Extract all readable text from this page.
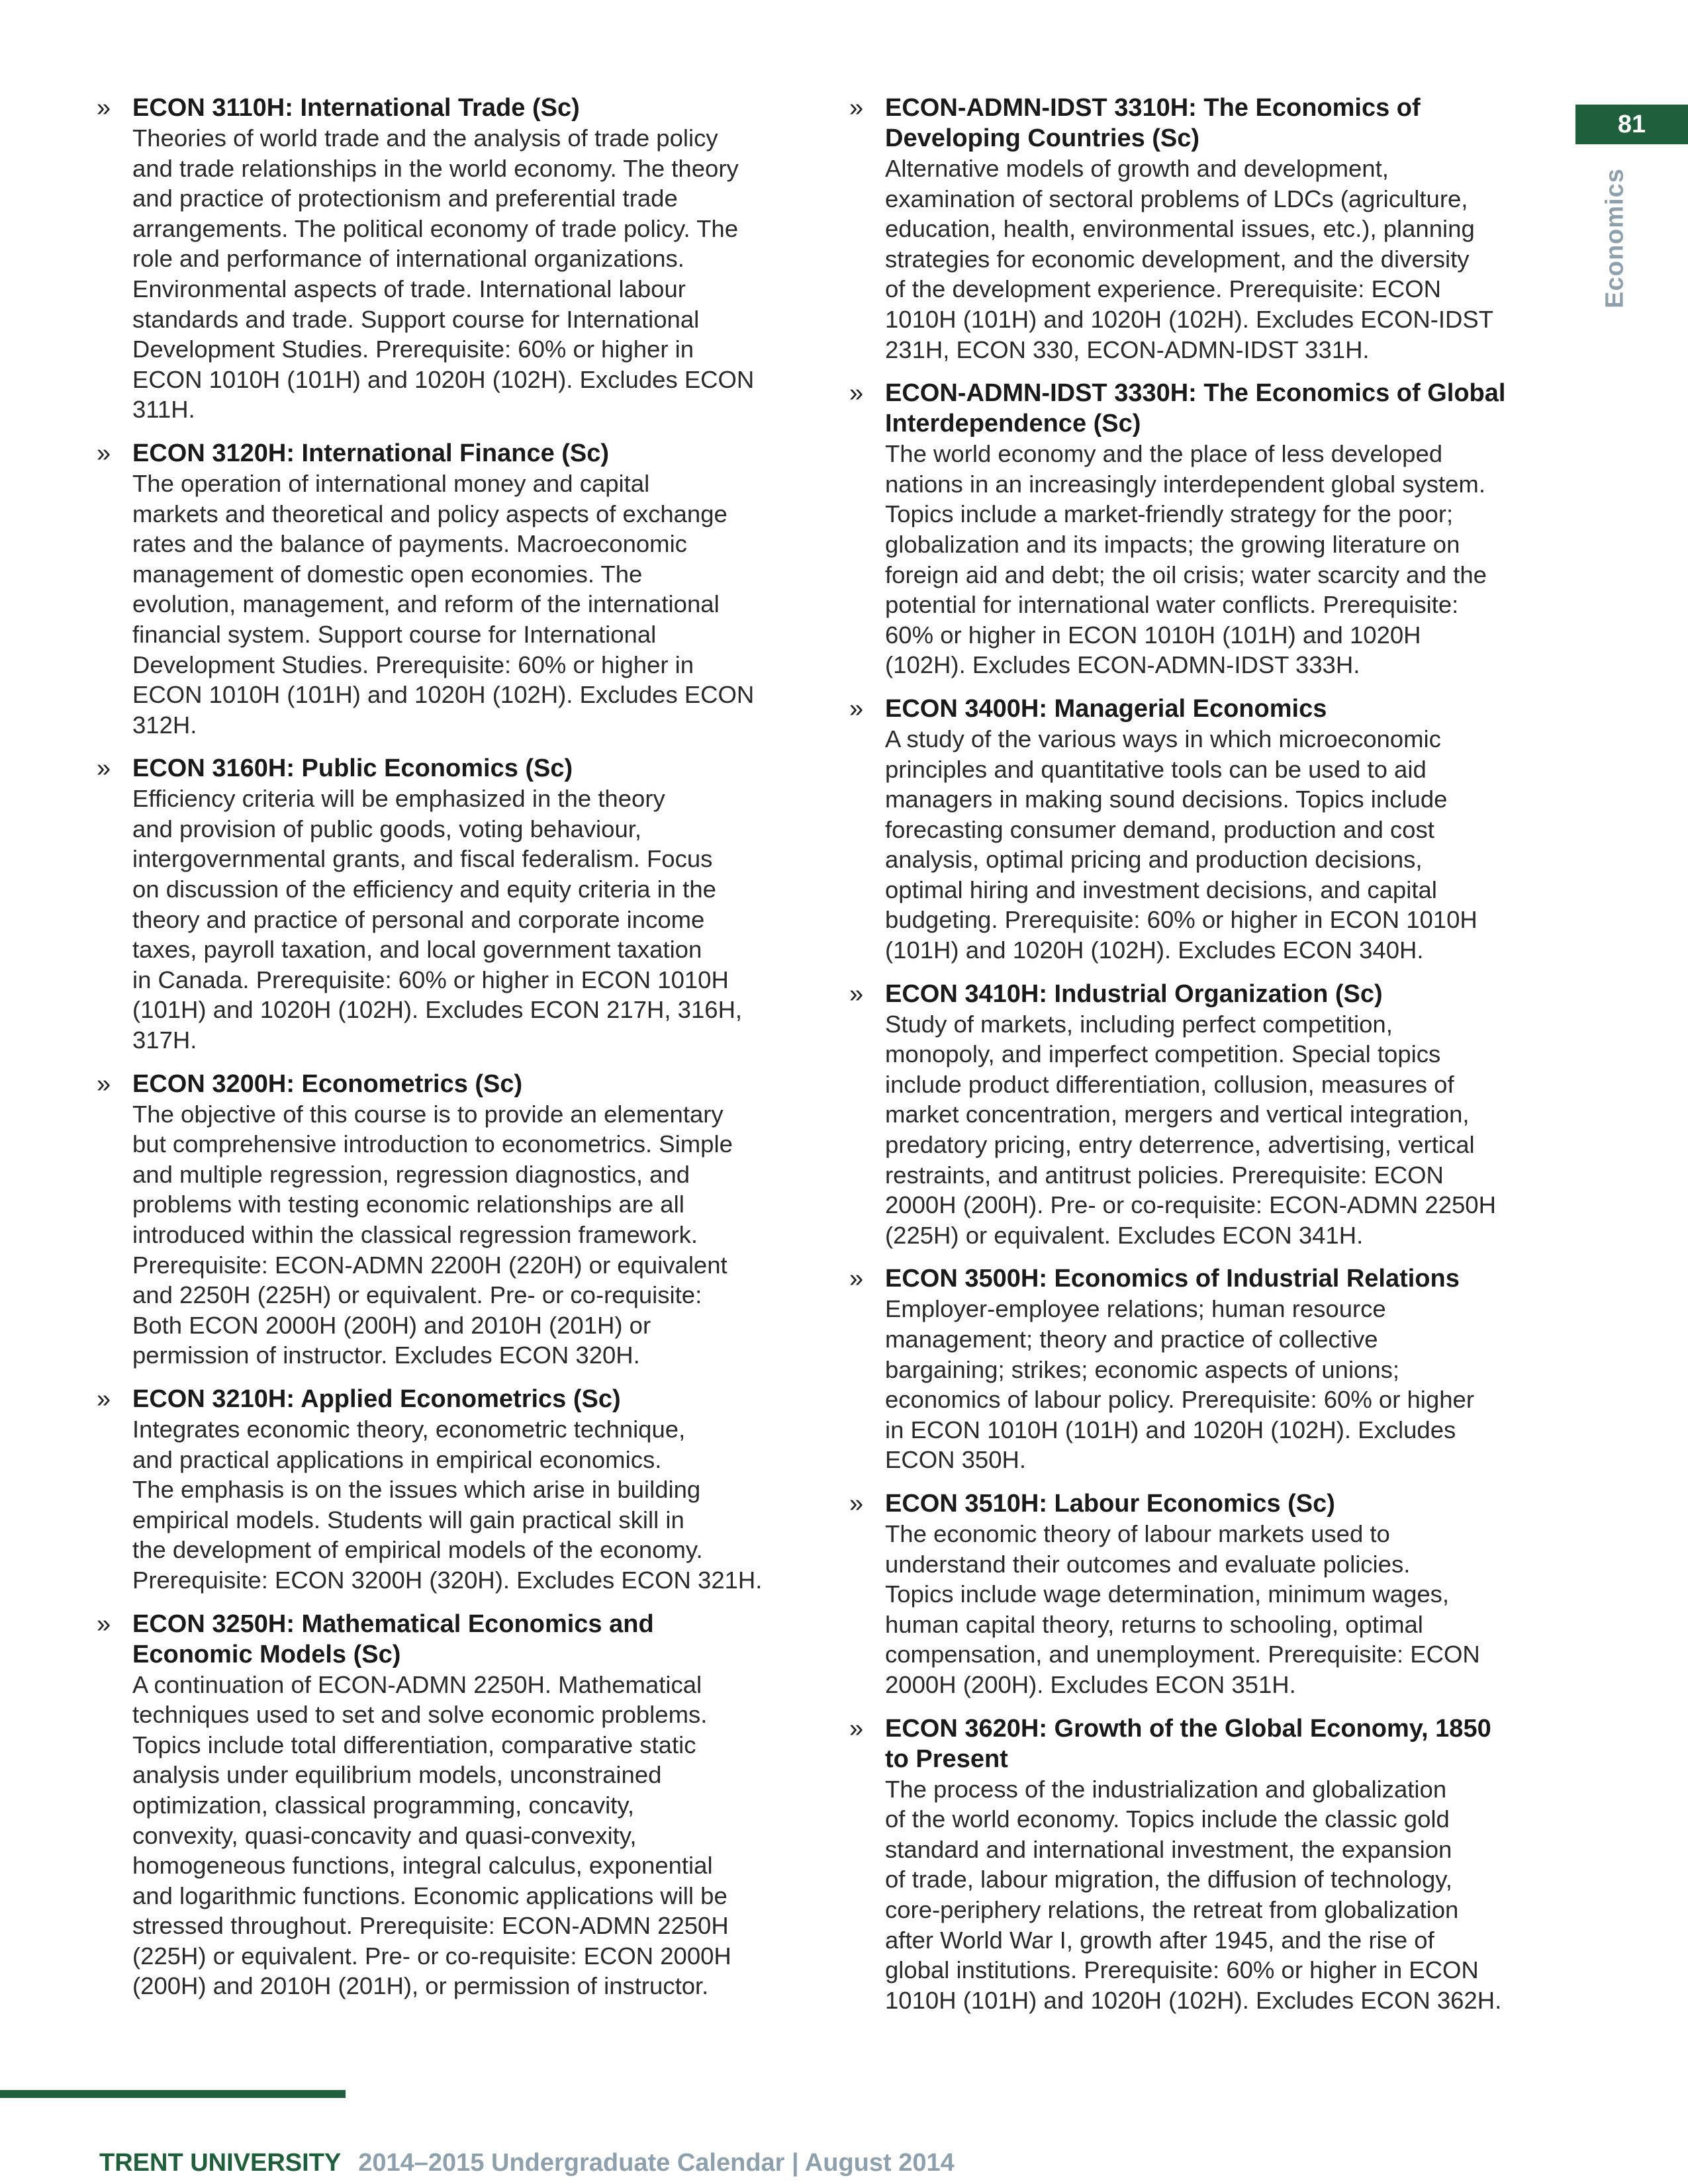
81
Economics
» ECON 3110H: International Trade (Sc)
Theories of world trade and the analysis of trade policy
and trade relationships in the world economy. The theory
and practice of protectionism and preferential trade
arrangements. The political economy of trade policy. The
role and performance of international organizations.
Environmental aspects of trade. International labour
standards and trade. Support course for International
Development Studies. Prerequisite: 60% or higher in
ECON 1010H (101H) and 1020H (102H). Excludes ECON
311H.
» ECON 3120H: International Finance (Sc)
The operation of international money and capital
markets and theoretical and policy aspects of exchange
rates and the balance of payments. Macroeconomic
management of domestic open economies. The
evolution, management, and reform of the international
financial system. Support course for International
Development Studies. Prerequisite: 60% or higher in
ECON 1010H (101H) and 1020H (102H). Excludes ECON
312H.
» ECON 3160H: Public Economics (Sc)
Efficiency criteria will be emphasized in the theory
and provision of public goods, voting behaviour,
intergovernmental grants, and fiscal federalism. Focus
on discussion of the efficiency and equity criteria in the
theory and practice of personal and corporate income
taxes, payroll taxation, and local government taxation
in Canada. Prerequisite: 60% or higher in ECON 1010H
(101H) and 1020H (102H). Excludes ECON 217H, 316H,
317H.
» ECON 3200H: Econometrics (Sc)
The objective of this course is to provide an elementary
but comprehensive introduction to econometrics. Simple
and multiple regression, regression diagnostics, and
problems with testing economic relationships are all
introduced within the classical regression framework.
Prerequisite: ECON-ADMN 2200H (220H) or equivalent
and 2250H (225H) or equivalent. Pre- or co-requisite:
Both ECON 2000H (200H) and 2010H (201H) or
permission of instructor. Excludes ECON 320H.
» ECON 3210H: Applied Econometrics (Sc)
Integrates economic theory, econometric technique,
and practical applications in empirical economics.
The emphasis is on the issues which arise in building
empirical models. Students will gain practical skill in
the development of empirical models of the economy.
Prerequisite: ECON 3200H (320H). Excludes ECON 321H.
» ECON 3250H: Mathematical Economics and
Economic Models (Sc)
A continuation of ECON-ADMN 2250H. Mathematical
techniques used to set and solve economic problems.
Topics include total differentiation, comparative static
analysis under equilibrium models, unconstrained
optimization, classical programming, concavity,
convexity, quasi-concavity and quasi-convexity,
homogeneous functions, integral calculus, exponential
and logarithmic functions. Economic applications will be
stressed throughout. Prerequisite: ECON-ADMN 2250H
(225H) or equivalent. Pre- or co-requisite: ECON 2000H
(200H) and 2010H (201H), or permission of instructor.
» ECON-ADMN-IDST 3310H: The Economics of
Developing Countries (Sc)
Alternative models of growth and development,
examination of sectoral problems of LDCs (agriculture,
education, health, environmental issues, etc.), planning
strategies for economic development, and the diversity
of the development experience. Prerequisite: ECON
1010H (101H) and 1020H (102H). Excludes ECON-IDST
231H, ECON 330, ECON-ADMN-IDST 331H.
» ECON-ADMN-IDST 3330H: The Economics of Global
Interdependence (Sc)
The world economy and the place of less developed
nations in an increasingly interdependent global system.
Topics include a market-friendly strategy for the poor;
globalization and its impacts; the growing literature on
foreign aid and debt; the oil crisis; water scarcity and the
potential for international water conflicts. Prerequisite:
60% or higher in ECON 1010H (101H) and 1020H
(102H). Excludes ECON-ADMN-IDST 333H.
» ECON 3400H: Managerial Economics
A study of the various ways in which microeconomic
principles and quantitative tools can be used to aid
managers in making sound decisions. Topics include
forecasting consumer demand, production and cost
analysis, optimal pricing and production decisions,
optimal hiring and investment decisions, and capital
budgeting. Prerequisite: 60% or higher in ECON 1010H
(101H) and 1020H (102H). Excludes ECON 340H.
» ECON 3410H: Industrial Organization (Sc)
Study of markets, including perfect competition,
monopoly, and imperfect competition. Special topics
include product differentiation, collusion, measures of
market concentration, mergers and vertical integration,
predatory pricing, entry deterrence, advertising, vertical
restraints, and antitrust policies. Prerequisite: ECON
2000H (200H). Pre- or co-requisite: ECON-ADMN 2250H
(225H) or equivalent. Excludes ECON 341H.
» ECON 3500H: Economics of Industrial Relations
Employer-employee relations; human resource
management; theory and practice of collective
bargaining; strikes; economic aspects of unions;
economics of labour policy. Prerequisite: 60% or higher
in ECON 1010H (101H) and 1020H (102H). Excludes
ECON 350H.
» ECON 3510H: Labour Economics (Sc)
The economic theory of labour markets used to
understand their outcomes and evaluate policies.
Topics include wage determination, minimum wages,
human capital theory, returns to schooling, optimal
compensation, and unemployment. Prerequisite: ECON
2000H (200H). Excludes ECON 351H.
» ECON 3620H: Growth of the Global Economy, 1850
to Present
The process of the industrialization and globalization
of the world economy. Topics include the classic gold
standard and international investment, the expansion
of trade, labour migration, the diffusion of technology,
core-periphery relations, the retreat from globalization
after World War I, growth after 1945, and the rise of
global institutions. Prerequisite: 60% or higher in ECON
1010H (101H) and 1020H (102H). Excludes ECON 362H.
TRENT UNIVERSITY 2014–2015 Undergraduate Calendar | August 2014
